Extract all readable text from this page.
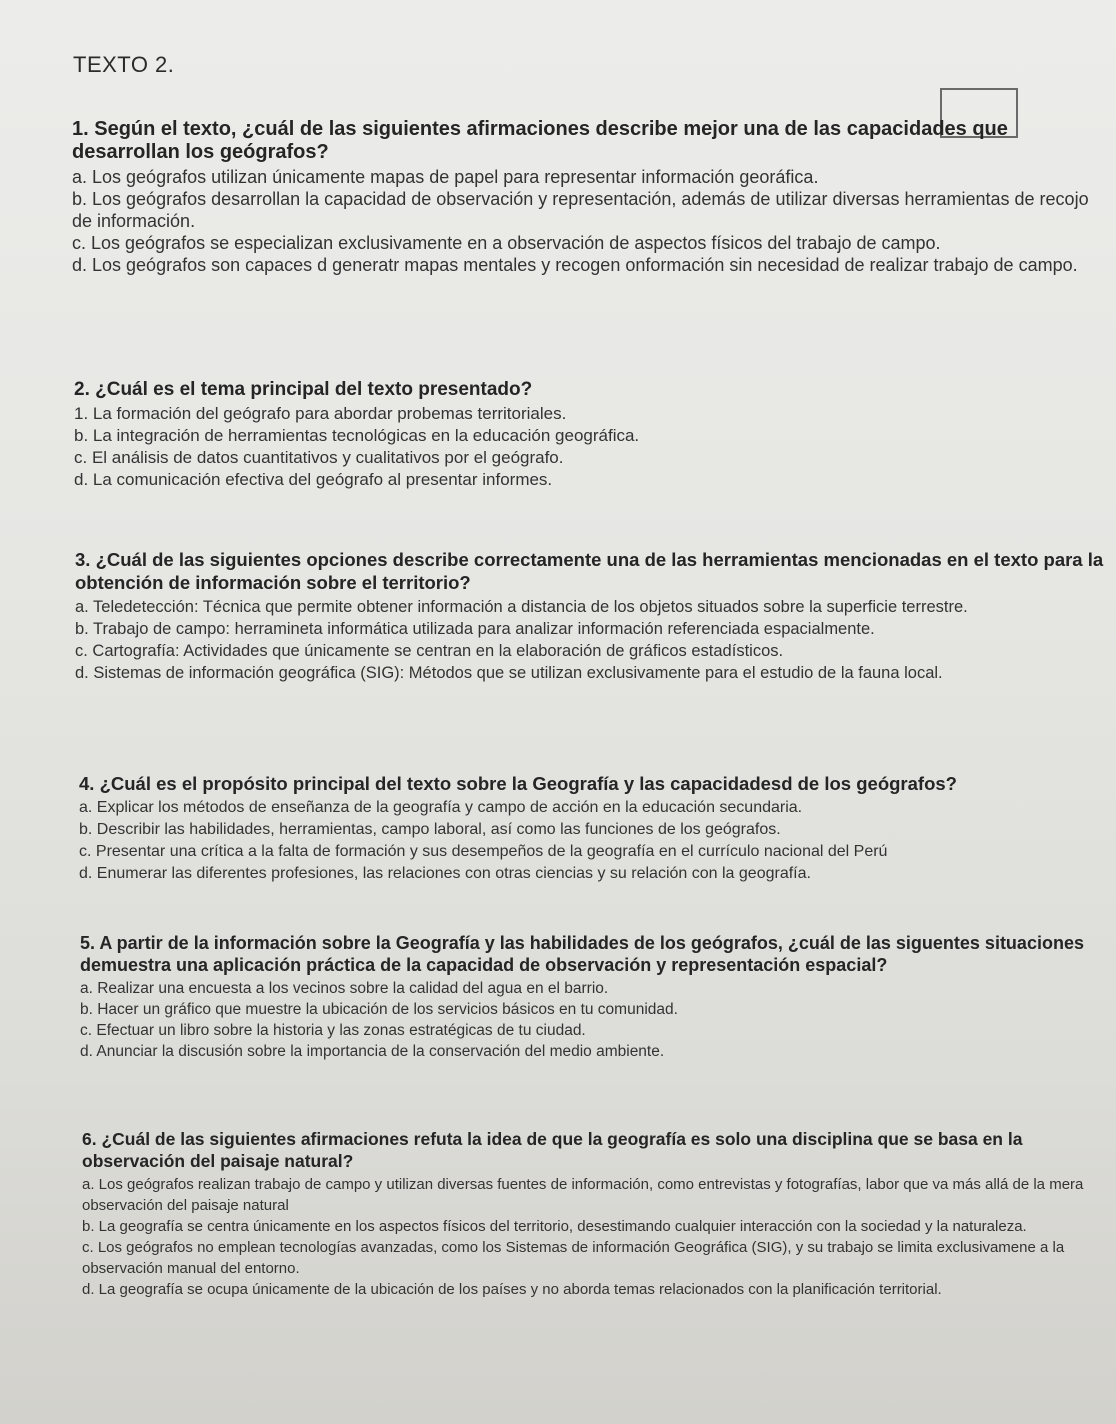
TEXTO 2.

1. Según el texto, ¿cuál de las siguientes afirmaciones describe mejor una de las capacidades que desarrollan los geógrafos?

a. Los geógrafos utilizan únicamente mapas de papel para representar información georáfica.

b. Los geógrafos desarrollan la capacidad de observación y representación, además de utilizar diversas herramientas de recojo de información.

c. Los geógrafos se especializan exclusivamente en a observación de aspectos físicos del trabajo de campo.

d. Los geógrafos son capaces d generatr mapas mentales y recogen onformación sin necesidad de realizar trabajo de campo.

2. ¿Cuál es el tema principal del texto presentado?

1. La formación del geógrafo para abordar probemas territoriales.

b. La integración de herramientas tecnológicas en la educación geográfica.

c. El análisis de datos cuantitativos y cualitativos por el geógrafo.

d. La comunicación efectiva del geógrafo al presentar informes.

3. ¿Cuál de las siguientes opciones describe correctamente una de las herramientas mencionadas en el texto para la obtención de información sobre el territorio?

a. Teledetección: Técnica que permite obtener información a distancia de los objetos situados sobre la superficie terrestre.

b. Trabajo de campo: herramineta informática utilizada para analizar información referenciada espacialmente.

c. Cartografía: Actividades que únicamente se centran en la elaboración de gráficos estadísticos.

d. Sistemas de información geográfica (SIG): Métodos que se utilizan exclusivamente para el estudio de la fauna local.

4. ¿Cuál es el propósito principal del texto sobre la Geografía y las capacidadesd de los geógrafos?

a. Explicar los métodos de enseñanza de la geografía y campo de acción en la educación secundaria.

b. Describir las habilidades, herramientas, campo laboral, así como las funciones de los geógrafos.

c. Presentar una crítica a la falta de formación y sus desempeños de la geografía en el currículo nacional del Perú

d. Enumerar las diferentes profesiones, las relaciones con otras ciencias y su relación con la geografía.

5. A partir de la información sobre la Geografía y las habilidades de los geógrafos, ¿cuál de las siguentes situaciones demuestra una aplicación práctica de la capacidad de observación y representación espacial?

a. Realizar una encuesta a los vecinos sobre la calidad del agua en el barrio.

b. Hacer un gráfico que muestre la ubicación de los servicios básicos en tu comunidad.

c. Efectuar un libro sobre la historia y las zonas estratégicas de tu ciudad.

d. Anunciar la discusión sobre la importancia de la conservación del medio ambiente.

6. ¿Cuál de las siguientes afirmaciones refuta la idea de que la geografía es solo una disciplina que se basa en la observación del paisaje natural?

a. Los geógrafos realizan trabajo de campo y utilizan diversas fuentes de información, como entrevistas y fotografías, labor que va más allá de la mera observación del paisaje natural

b. La geografía se centra únicamente en los aspectos físicos del territorio, desestimando cualquier interacción con la sociedad y la naturaleza.

c. Los geógrafos no emplean tecnologías avanzadas, como los Sistemas de información Geográfica (SIG), y su trabajo se limita exclusivamene a la observación manual del entorno.

d. La geografía se ocupa únicamente de la ubicación de los países y no aborda temas relacionados con la planificación territorial.
